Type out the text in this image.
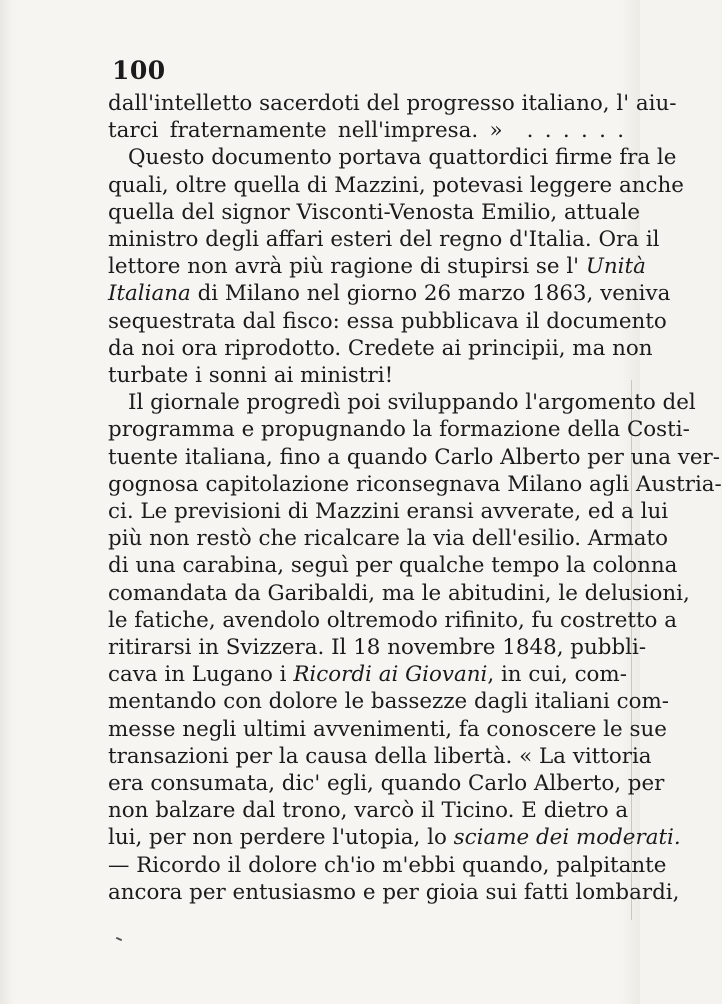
100
dall'intelletto sacerdoti del progresso italiano, l' aiu-
tarci fraternamente nell'impresa. » . . . . . .
Questo documento portava quattordici firme fra le
quali, oltre quella di Mazzini, potevasi leggere anche
quella del signor Visconti-Venosta Emilio, attuale
ministro degli affari esteri del regno d'Italia. Ora il
lettore non avrà più ragione di stupirsi se l' Unità
Italiana di Milano nel giorno 26 marzo 1863, veniva
sequestrata dal fisco: essa pubblicava il documento
da noi ora riprodotto. Credete ai principii, ma non
turbate i sonni ai ministri!
Il giornale progredì poi sviluppando l'argomento del
programma e propugnando la formazione della Costi-
tuente italiana, fino a quando Carlo Alberto per una ver-
gognosa capitolazione riconsegnava Milano agli Austria-
ci. Le previsioni di Mazzini eransi avverate, ed a lui
più non restò che ricalcare la via dell'esilio. Armato
di una carabina, seguì per qualche tempo la colonna
comandata da Garibaldi, ma le abitudini, le delusioni,
le fatiche, avendolo oltremodo rifinito, fu costretto a
ritirarsi in Svizzera. Il 18 novembre 1848, pubbli-
cava in Lugano i Ricordi ai Giovani, in cui, com-
mentando con dolore le bassezze dagli italiani com-
messe negli ultimi avvenimenti, fa conoscere le sue
transazioni per la causa della libertà. « La vittoria
era consumata, dic' egli, quando Carlo Alberto, per
non balzare dal trono, varcò il Ticino. E dietro a
lui, per non perdere l'utopia, lo sciame dei moderati.
— Ricordo il dolore ch'io m'ebbi quando, palpitante
ancora per entusiasmo e per gioia sui fatti lombardi,
